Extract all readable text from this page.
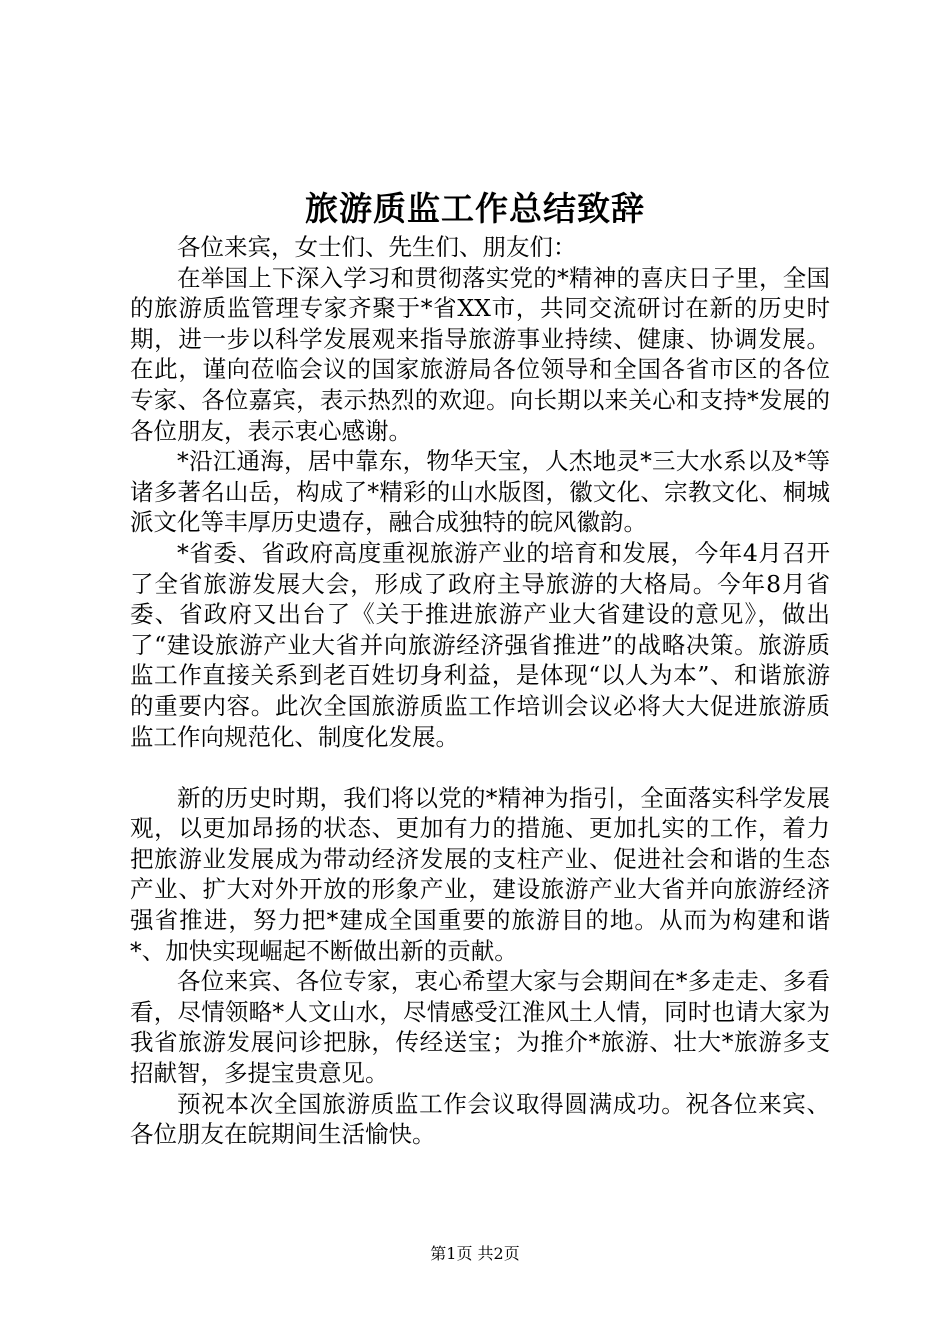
旅游质监工作总结致辞

各位来宾，女士们、先生们、朋友们：

在举国上下深入学习和贯彻落实党的*精神的喜庆日子里，全国的旅游质监管理专家齐聚于*省XX市，共同交流研讨在新的历史时期，进一步以科学发展观来指导旅游事业持续、健康、协调发展。在此，谨向莅临会议的国家旅游局各位领导和全国各省市区的各位专家、各位嘉宾，表示热烈的欢迎。向长期以来关心和支持*发展的各位朋友，表示衷心感谢。

*沿江通海，居中靠东，物华天宝，人杰地灵*三大水系以及*等诸多著名山岳，构成了*精彩的山水版图，徽文化、宗教文化、桐城派文化等丰厚历史遗存，融合成独特的皖风徽韵。

*省委、省政府高度重视旅游产业的培育和发展，今年4月召开了全省旅游发展大会，形成了政府主导旅游的大格局。今年8月省委、省政府又出台了《关于推进旅游产业大省建设的意见》，做出了“建设旅游产业大省并向旅游经济强省推进”的战略决策。旅游质监工作直接关系到老百姓切身利益，是体现“以人为本”、和谐旅游的重要内容。此次全国旅游质监工作培训会议必将大大促进旅游质监工作向规范化、制度化发展。

新的历史时期，我们将以党的*精神为指引，全面落实科学发展观，以更加昂扬的状态、更加有力的措施、更加扎实的工作，着力把旅游业发展成为带动经济发展的支柱产业、促进社会和谐的生态产业、扩大对外开放的形象产业，建设旅游产业大省并向旅游经济强省推进，努力把*建成全国重要的旅游目的地。从而为构建和谐*、加快实现崛起不断做出新的贡献。

各位来宾、各位专家，衷心希望大家与会期间在*多走走、多看看，尽情领略*人文山水，尽情感受江淮风土人情，同时也请大家为我省旅游发展问诊把脉，传经送宝；为推介*旅游、壮大*旅游多支招献智，多提宝贵意见。

预祝本次全国旅游质监工作会议取得圆满成功。祝各位来宾、各位朋友在皖期间生活愉快。

第1页 共2页
